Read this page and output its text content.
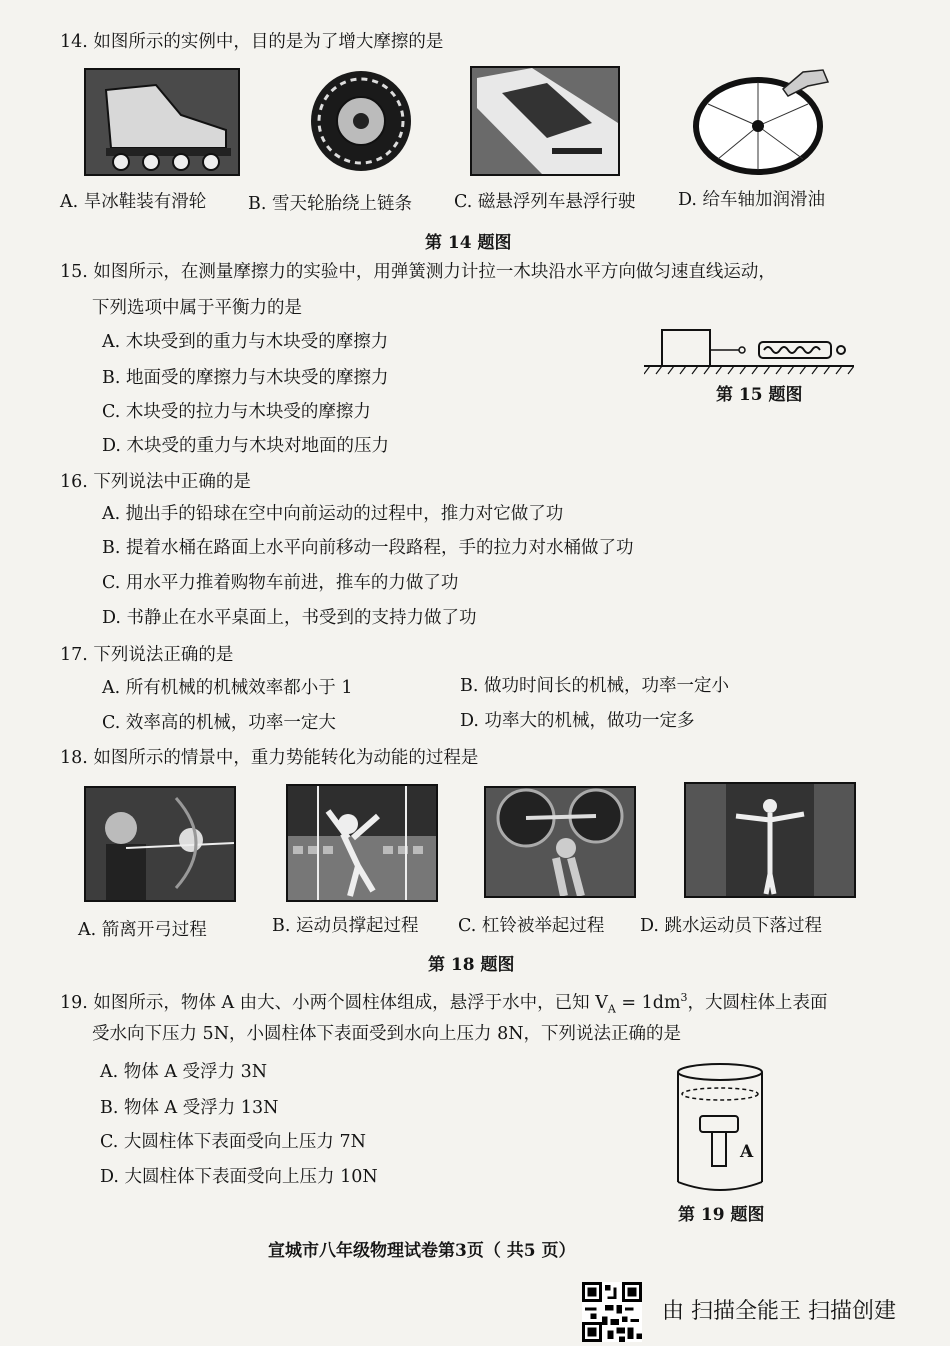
14. 如图所示的实例中，目的是为了增大摩擦的是
A. 旱冰鞋装有滑轮 B. 雪天轮胎绕上链条 C. 磁悬浮列车悬浮行驶 D. 给车轴加润滑油
第 14 题图
15. 如图所示，在测量摩擦力的实验中，用弹簧测力计拉一木块沿水平方向做匀速直线运动，
下列选项中属于平衡力的是
A. 木块受到的重力与木块受的摩擦力
B. 地面受的摩擦力与木块受的摩擦力
C. 木块受的拉力与木块受的摩擦力
D. 木块受的重力与木块对地面的压力
第 15 题图
16. 下列说法中正确的是
A. 抛出手的铅球在空中向前运动的过程中，推力对它做了功
B. 提着水桶在路面上水平向前移动一段路程，手的拉力对水桶做了功
C. 用水平力推着购物车前进，推车的力做了功
D. 书静止在水平桌面上，书受到的支持力做了功
17. 下列说法正确的是
A. 所有机械的机械效率都小于 1	B. 做功时间长的机械，功率一定小
C. 效率高的机械，功率一定大	D. 功率大的机械，做功一定多
18. 如图所示的情景中，重力势能转化为动能的过程是
A. 箭离开弓过程	B. 运动员撑起过程 C. 杠铃被举起过程 D. 跳水运动员下落过程
第 18 题图
19. 如图所示，物体 A 由大、小两个圆柱体组成，悬浮于水中，已知 $V_A = 1dm^3$，大圆柱体上表面
受水向下压力 5N，小圆柱体下表面受到水向上压力 8N，下列说法正确的是
A. 物体 A 受浮力 3N
B. 物体 A 受浮力 13N
C. 大圆柱体下表面受向上压力 7N
D. 大圆柱体下表面受向上压力 10N
A
第 19 题图
宣城市八年级物理试卷第3页（ 共5 页）
由 扫描全能王 扫描创建
